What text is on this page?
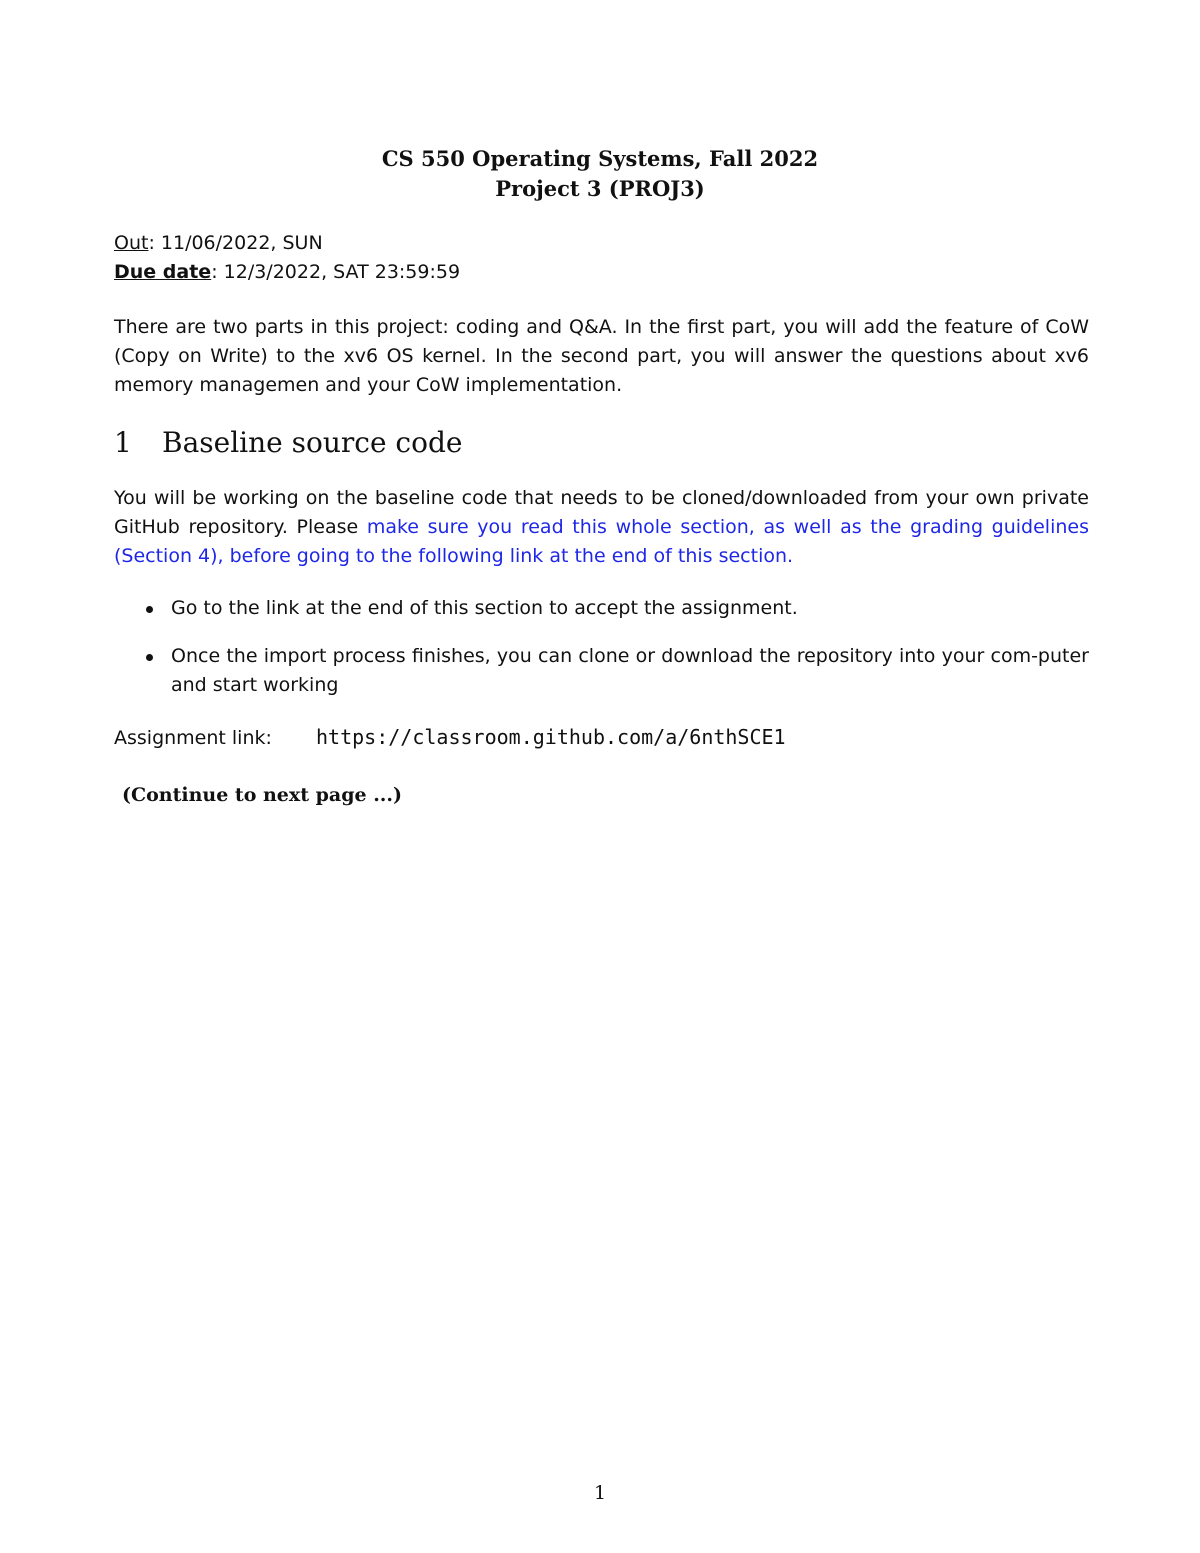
CS 550 Operating Systems, Fall 2022
Project 3 (PROJ3)
Out: 11/06/2022, SUN
Due date: 12/3/2022, SAT 23:59:59
There are two parts in this project: coding and Q&A. In the first part, you will add the feature of CoW (Copy on Write) to the xv6 OS kernel. In the second part, you will answer the questions about xv6 memory managemen and your CoW implementation.
1 Baseline source code
You will be working on the baseline code that needs to be cloned/downloaded from your own private GitHub repository. Please make sure you read this whole section, as well as the grading guidelines (Section 4), before going to the following link at the end of this section.
Go to the link at the end of this section to accept the assignment.
Once the import process finishes, you can clone or download the repository into your com-puter and start working
Assignment link: https://classroom.github.com/a/6nthSCE1
(Continue to next page ...)
1
